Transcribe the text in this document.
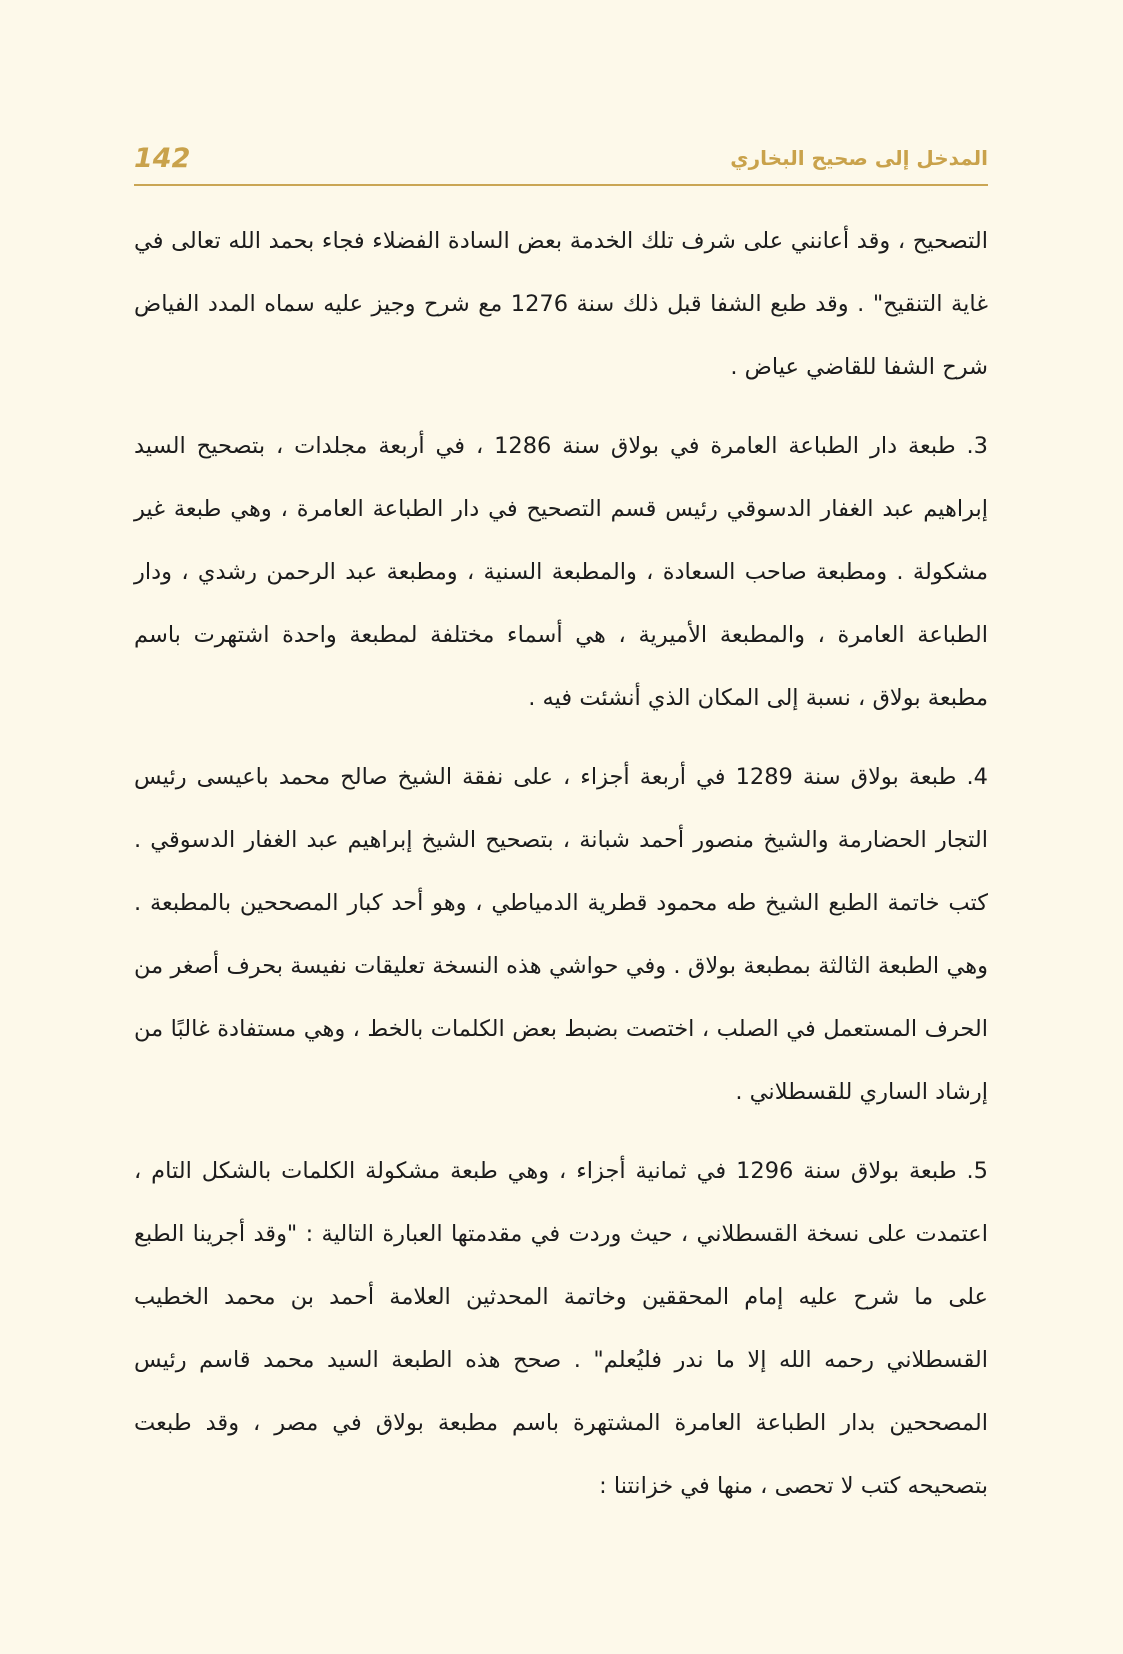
142	المدخل إلى صحيح البخاري

التصحيح ، وقد أعانني على شرف تلك الخدمة بعض السادة الفضلاء فجاء بحمد الله تعالى في غاية التنقيح" . وقد طبع الشفا قبل ذلك سنة 1276 مع شرح وجيز عليه سماه المدد الفياض شرح الشفا للقاضي عياض .

3. طبعة دار الطباعة العامرة في بولاق سنة 1286 ، في أربعة مجلدات ، بتصحيح السيد إبراهيم عبد الغفار الدسوقي رئيس قسم التصحيح في دار الطباعة العامرة ، وهي طبعة غير مشكولة . ومطبعة صاحب السعادة ، والمطبعة السنية ، ومطبعة عبد الرحمن رشدي ، ودار الطباعة العامرة ، والمطبعة الأميرية ، هي أسماء مختلفة لمطبعة واحدة اشتهرت باسم مطبعة بولاق ، نسبة إلى المكان الذي أنشئت فيه .

4. طبعة بولاق سنة 1289 في أربعة أجزاء ، على نفقة الشيخ صالح محمد باعيسى رئيس التجار الحضارمة والشيخ منصور أحمد شبانة ، بتصحيح الشيخ إبراهيم عبد الغفار الدسوقي . كتب خاتمة الطبع الشيخ طه محمود قطرية الدمياطي ، وهو أحد كبار المصححين بالمطبعة . وهي الطبعة الثالثة بمطبعة بولاق . وفي حواشي هذه النسخة تعليقات نفيسة بحرف أصغر من الحرف المستعمل في الصلب ، اختصت بضبط بعض الكلمات بالخط ، وهي مستفادة غالبًا من إرشاد الساري للقسطلاني .

5. طبعة بولاق سنة 1296 في ثمانية أجزاء ، وهي طبعة مشكولة الكلمات بالشكل التام ، اعتمدت على نسخة القسطلاني ، حيث وردت في مقدمتها العبارة التالية : "وقد أجرينا الطبع على ما شرح عليه إمام المحققين وخاتمة المحدثين العلامة أحمد بن محمد الخطيب القسطلاني رحمه الله إلا ما ندر فليُعلم" . صحح هذه الطبعة السيد محمد قاسم رئيس المصححين بدار الطباعة العامرة المشتهرة باسم مطبعة بولاق في مصر ، وقد طبعت بتصحيحه كتب لا تحصى ، منها في خزانتنا :
